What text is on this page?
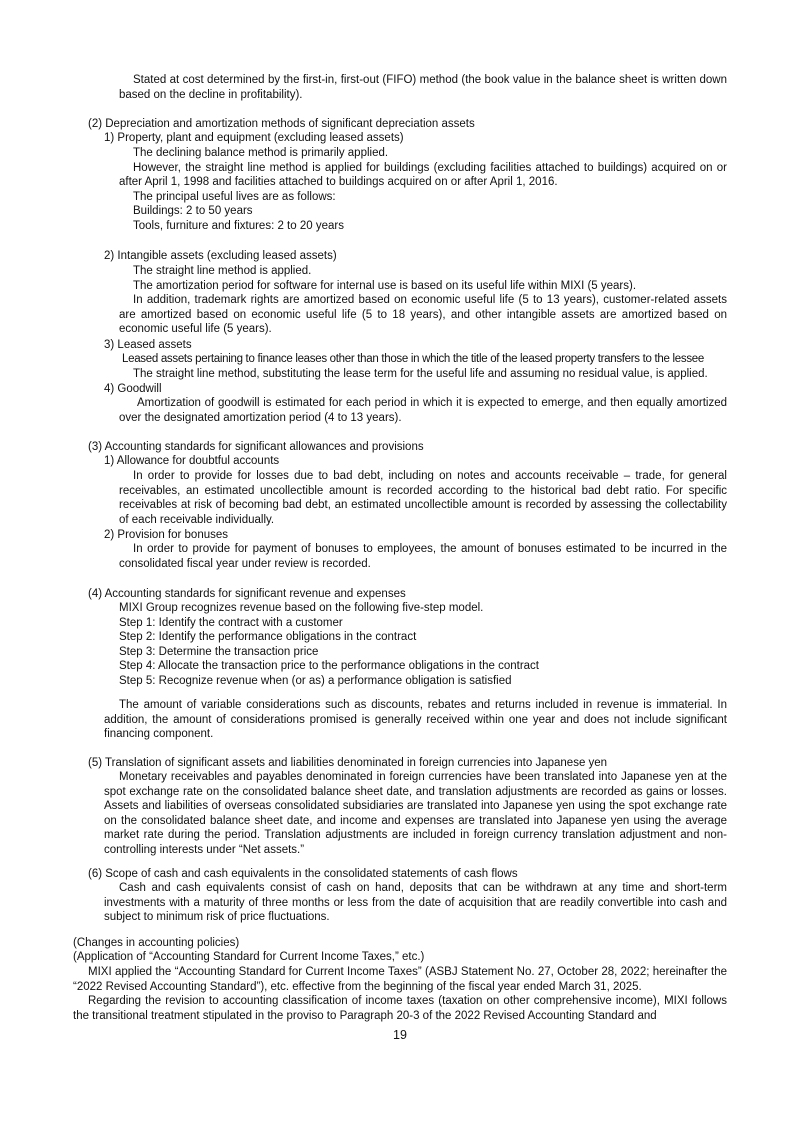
Stated at cost determined by the first-in, first-out (FIFO) method (the book value in the balance sheet is written down based on the decline in profitability).

(2) Depreciation and amortization methods of significant depreciation assets
1) Property, plant and equipment (excluding leased assets)

The declining balance method is primarily applied.

However, the straight line method is applied for buildings (excluding facilities attached to buildings) acquired on or after April 1, 1998 and facilities attached to buildings acquired on or after April 1, 2016.

The principal useful lives are as follows:

Buildings: 2 to 50 years

Tools, furniture and fixtures: 2 to 20 years

2) Intangible assets (excluding leased assets)

The straight line method is applied.

The amortization period for software for internal use is based on its useful life within MIXI (5 years).

In addition, trademark rights are amortized based on economic useful life (5 to 13 years), customer-related assets are amortized based on economic useful life (5 to 18 years), and other intangible assets are amortized based on economic useful life (5 years).

3) Leased assets

Leased assets pertaining to finance leases other than those in which the title of the leased property transfers to the lessee

The straight line method, substituting the lease term for the useful life and assuming no residual value, is applied.

4) Goodwill

Amortization of goodwill is estimated for each period in which it is expected to emerge, and then equally amortized over the designated amortization period (4 to 13 years).

(3) Accounting standards for significant allowances and provisions
1) Allowance for doubtful accounts

In order to provide for losses due to bad debt, including on notes and accounts receivable – trade, for general receivables, an estimated uncollectible amount is recorded according to the historical bad debt ratio. For specific receivables at risk of becoming bad debt, an estimated uncollectible amount is recorded by assessing the collectability of each receivable individually.

2) Provision for bonuses

In order to provide for payment of bonuses to employees, the amount of bonuses estimated to be incurred in the consolidated fiscal year under review is recorded.

(4) Accounting standards for significant revenue and expenses

MIXI Group recognizes revenue based on the following five-step model.

Step 1: Identify the contract with a customer

Step 2: Identify the performance obligations in the contract

Step 3: Determine the transaction price

Step 4: Allocate the transaction price to the performance obligations in the contract

Step 5: Recognize revenue when (or as) a performance obligation is satisfied

The amount of variable considerations such as discounts, rebates and returns included in revenue is immaterial. In addition, the amount of considerations promised is generally received within one year and does not include significant financing component.

(5) Translation of significant assets and liabilities denominated in foreign currencies into Japanese yen

Monetary receivables and payables denominated in foreign currencies have been translated into Japanese yen at the spot exchange rate on the consolidated balance sheet date, and translation adjustments are recorded as gains or losses. Assets and liabilities of overseas consolidated subsidiaries are translated into Japanese yen using the spot exchange rate on the consolidated balance sheet date, and income and expenses are translated into Japanese yen using the average market rate during the period. Translation adjustments are included in foreign currency translation adjustment and non-controlling interests under “Net assets.”

(6) Scope of cash and cash equivalents in the consolidated statements of cash flows

Cash and cash equivalents consist of cash on hand, deposits that can be withdrawn at any time and short-term investments with a maturity of three months or less from the date of acquisition that are readily convertible into cash and subject to minimum risk of price fluctuations.

(Changes in accounting policies)
(Application of “Accounting Standard for Current Income Taxes,” etc.)

MIXI applied the “Accounting Standard for Current Income Taxes” (ASBJ Statement No. 27, October 28, 2022; hereinafter the “2022 Revised Accounting Standard”), etc. effective from the beginning of the fiscal year ended March 31, 2025.

Regarding the revision to accounting classification of income taxes (taxation on other comprehensive income), MIXI follows the transitional treatment stipulated in the proviso to Paragraph 20-3 of the 2022 Revised Accounting Standard and

19
